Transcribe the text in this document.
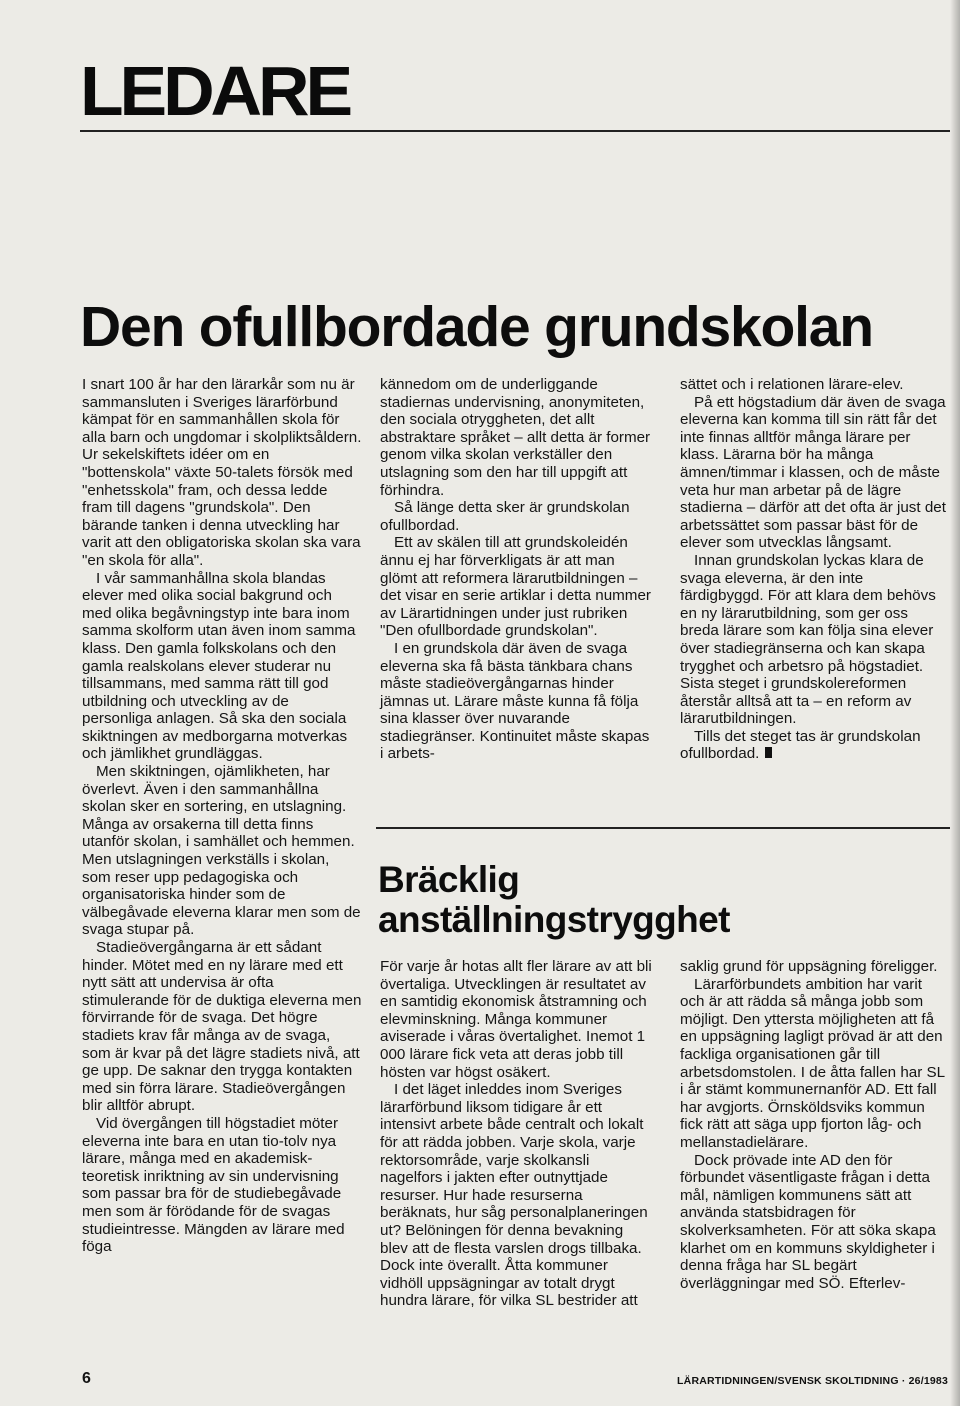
LEDARE
Den ofullbordade grundskolan

I snart 100 år har den lärarkår som nu är sammansluten i Sveriges lärarförbund kämpat för en sammanhållen skola för alla barn och ungdomar i skolpliktsåldern. Ur sekelskiftets idéer om en "bottenskola" växte 50-talets försök med "enhetsskola" fram, och dessa ledde fram till dagens "grundskola". Den bärande tanken i denna utveckling har varit att den obligatoriska skolan ska vara "en skola för alla".

I vår sammanhållna skola blandas elever med olika social bakgrund och med olika begåvningstyp inte bara inom samma skolform utan även inom samma klass. Den gamla folkskolans och den gamla realskolans elever studerar nu tillsammans, med samma rätt till god utbildning och utveckling av de personliga anlagen. Så ska den sociala skiktningen av medborgarna motverkas och jämlikhet grundläggas.

Men skiktningen, ojämlikheten, har överlevt. Även i den sammanhållna skolan sker en sortering, en utslagning. Många av orsakerna till detta finns utanför skolan, i samhället och hemmen. Men utslagningen verkställs i skolan, som reser upp pedagogiska och organisatoriska hinder som de välbegåvade eleverna klarar men som de svaga stupar på.

Stadieövergångarna är ett sådant hinder. Mötet med en ny lärare med ett nytt sätt att undervisa är ofta stimulerande för de duktiga eleverna men förvirrande för de svaga. Det högre stadiets krav får många av de svaga, som är kvar på det lägre stadiets nivå, att ge upp. De saknar den trygga kontakten med sin förra lärare. Stadieövergången blir alltför abrupt.

Vid övergången till högstadiet möter eleverna inte bara en utan tio-tolv nya lärare, många med en akademisk-teoretisk inriktning av sin undervisning som passar bra för de studiebegåvade men som är förödande för de svagas studieintresse. Mängden av lärare med föga

kännedom om de underliggande stadiernas undervisning, anonymiteten, den sociala otryggheten, det allt abstraktare språket – allt detta är former genom vilka skolan verkställer den utslagning som den har till uppgift att förhindra.

Så länge detta sker är grundskolan ofullbordad.

Ett av skälen till att grundskoleidén ännu ej har förverkligats är att man glömt att reformera lärarutbildningen – det visar en serie artiklar i detta nummer av Lärartidningen under just rubriken "Den ofullbordade grundskolan".

I en grundskola där även de svaga eleverna ska få bästa tänkbara chans måste stadieövergångarnas hinder jämnas ut. Lärare måste kunna få följa sina klasser över nuvarande stadiegränser. Kontinuitet måste skapas i arbets-

sättet och i relationen lärare-elev.

På ett högstadium där även de svaga eleverna kan komma till sin rätt får det inte finnas alltför många lärare per klass. Lärarna bör ha många ämnen/timmar i klassen, och de måste veta hur man arbetar på de lägre stadierna – därför att det ofta är just det arbetssättet som passar bäst för de elever som utvecklas långsamt.

Innan grundskolan lyckas klara de svaga eleverna, är den inte färdigbyggd. För att klara dem behövs en ny lärarutbildning, som ger oss breda lärare som kan följa sina elever över stadiegränserna och kan skapa trygghet och arbetsro på högstadiet. Sista steget i grundskolereformen återstår alltså att ta – en reform av lärarutbildningen.

Tills det steget tas är grundskolan ofullbordad.

Bräcklig
anställningstrygghet

För varje år hotas allt fler lärare av att bli övertaliga. Utvecklingen är resultatet av en samtidig ekonomisk åtstramning och elevminskning. Många kommuner aviserade i våras övertalighet. Inemot 1 000 lärare fick veta att deras jobb till hösten var högst osäkert.

I det läget inleddes inom Sveriges lärarförbund liksom tidigare år ett intensivt arbete både centralt och lokalt för att rädda jobben. Varje skola, varje rektorsområde, varje skolkansli nagelfors i jakten efter outnyttjade resurser. Hur hade resurserna beräknats, hur såg personalplaneringen ut? Belöningen för denna bevakning blev att de flesta varslen drogs tillbaka. Dock inte överallt. Åtta kommuner vidhöll uppsägningar av totalt drygt hundra lärare, för vilka SL bestrider att

saklig grund för uppsägning föreligger.

Lärarförbundets ambition har varit och är att rädda så många jobb som möjligt. Den yttersta möjligheten att få en uppsägning lagligt prövad är att den fackliga organisationen går till arbetsdomstolen. I de åtta fallen har SL i år stämt kommunernanför AD. Ett fall har avgjorts. Örnsköldsviks kommun fick rätt att säga upp fjorton låg- och mellanstadielärare.

Dock prövade inte AD den för förbundet väsentligaste frågan i detta mål, nämligen kommunens sätt att använda statsbidragen för skolverksamheten. För att söka skapa klarhet om en kommuns skyldigheter i denna fråga har SL begärt överläggningar med SÖ. Efterlev-

6	LÄRARTIDNINGEN/SVENSK SKOLTIDNING · 26/1983
